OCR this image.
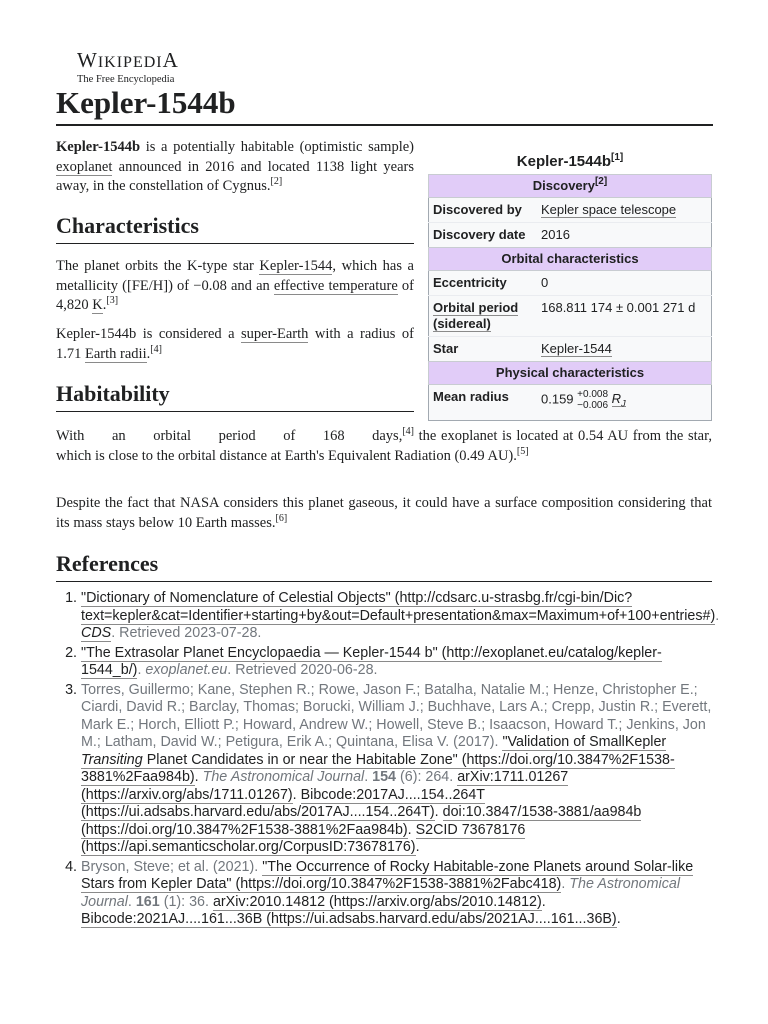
WIKIPEDIA
The Free Encyclopedia
Kepler-1544b

Kepler-1544b is a potentially habitable (optimistic sample) exoplanet announced in 2016 and located 1138 light years away, in the constellation of Cygnus.[2]

Characteristics

The planet orbits the K-type star Kepler-1544, which has a metallicity ([FE/H]) of −0.08 and an effective temperature of 4,820 K.[3]

Kepler-1544b is considered a super-Earth with a radius of 1.71 Earth radii.[4]

Habitability

With an orbital period of 168 days,[4] the exoplanet is located at 0.54 AU from the star, which is close to the orbital distance at Earth's Equivalent Radiation (0.49 AU).[5]

Despite the fact that NASA considers this planet gaseous, it could have a surface composition considering that its mass stays below 10 Earth masses.[6]

Kepler-1544b[1]
Discovery[2]
Discovered by	Kepler space telescope
Discovery date	2016
Orbital characteristics	
Eccentricity	0
Orbital period
(sidereal)	168.811 174 ± 0.001 271 d
Star	Kepler-1544
Physical characteristics	
Mean radius	0.159 +0.008
−0.006 $R_J$

References
1. "Dictionary of Nomenclature of Celestial Objects" (http://cdsarc.u-strasbg.fr/cgi-bin/Dic?text=kepler&cat=Identifier+starting+by&out=Default+presentation&max=Maximum+of+100+entries#). CDS. Retrieved 2023-07-28.
2. "The Extrasolar Planet Encyclopaedia — Kepler-1544 b" (http://exoplanet.eu/catalog/kepler-1544_b/). exoplanet.eu. Retrieved 2020-06-28.
3. Torres, Guillermo; Kane, Stephen R.; Rowe, Jason F.; Batalha, Natalie M.; Henze, Christopher E.; Ciardi, David R.; Barclay, Thomas; Borucki, William J.; Buchhave, Lars A.; Crepp, Justin R.; Everett, Mark E.; Horch, Elliott P.; Howard, Andrew W.; Howell, Steve B.; Isaacson, Howard T.; Jenkins, Jon M.; Latham, David W.; Petigura, Erik A.; Quintana, Elisa V. (2017). "Validation of SmallKepler Transiting Planet Candidates in or near the Habitable Zone" (https://doi.org/10.3847%2F1538-3881%2Faa984b). The Astronomical Journal. 154 (6): 264. arXiv:1711.01267 (https://arxiv.org/abs/1711.01267). Bibcode:2017AJ....154..264T (https://ui.adsabs.harvard.edu/abs/2017AJ....154..264T). doi:10.3847/1538-3881/aa984b (https://doi.org/10.3847%2F1538-3881%2Faa984b). S2CID 73678176 (https://api.semanticscholar.org/CorpusID:73678176).
4. Bryson, Steve; et al. (2021). "The Occurrence of Rocky Habitable-zone Planets around Solar-like Stars from Kepler Data" (https://doi.org/10.3847%2F1538-3881%2Fabc418). The Astronomical Journal. 161 (1): 36. arXiv:2010.14812 (https://arxiv.org/abs/2010.14812). Bibcode:2021AJ....161...36B (https://ui.adsabs.harvard.edu/abs/2021AJ....161...36B).
